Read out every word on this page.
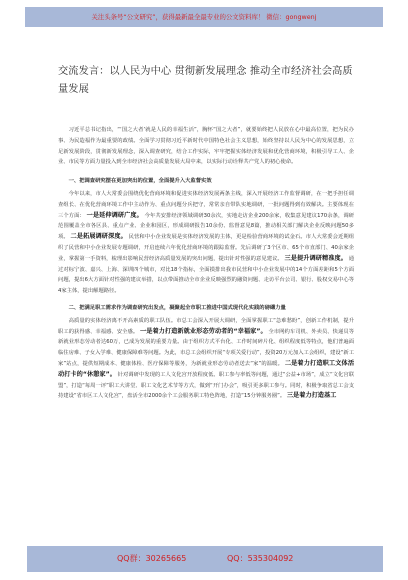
关注头条号“公文研究”，获得最新最全最专业的公文资料库！ 微信：gongwenj
交流发言：以人民为中心 贯彻新发展理念 推动全市经济社会高质量发展

习近平总书记指出，“‘国之大者’就是人民的幸福生活”，胸怀“国之大者”，就要始终把人民放在心中最高位置，把为民办事、为民造福作为最重要的政绩。全面学习贯彻习近平新时代中国特色社会主义思想，始终坚持以人民为中心的发展思想，立足新发展阶段，贯彻新发展理念，深入调查研究，结合工作实际，牢牢把握实体经济发展和优化营商环境，积极引导工人、企业、市民等方面力量投入到全市经济社会高质量发展大局中来，以实际行动诠释共产党人的初心使命。

一、把调查研究摆在更加突出的位置，全面提升入大监督实效

今年以来，市人大常委会围绕优化营商环境和促进实体经济发展两条主线，深入开展经济工作监督调研，在一把手担任调查组长、在优化营商环境工作中主动作为、重点问题分兵把守，常常亲自带队实地调研，一批问题得到有效解决。主要体现在三个方面： 一是延伸调研广度。 今年共安排经济领域调研30余次，实地走访企业200余家，收集意见建议170余条，调研范围覆盖全市各区县、重点产业、企业和园区，形成调研报告10余份、监督意见8篇，推动相关部门解决企业反映问题50多项。 二是拓展调研深度。 民营和中小企业发展是实体经济发展的主体，更是检验营商环境的试金石。市人大常委会近期组织了民营和中小企业发展专题调研，开启连续六年优化营商环境的跟踪监督。先后调研了3个区市、65个市直部门、40余家企业，掌握第一手资料，梳理出影响民营经济高质量发展的突出问题，提出针对性强的意见建议。 三是提升调研精准度。 通过对标宁波、嘉兴、上海、深圳四个城市，对比18个指标，全面摸排出我市民营和中小企业发展中的14个方面差距和5个方面问题，提出6大方面针对性强的建议举措，以点带面推动全市企业反映强烈的融资问题、走访平台公司、银行、股权交易中心等4家主体，提出解题路径。

二、把满足职工需求作为调查研究出发点，凝聚起全市职工推进中国式现代化实践的磅礴力量

高质量的实体经济离不开高素质的职工队伍。市总工会深入开展大调研，全面掌握职工“急难愁盼”，创新工作机制，提升职工的获得感、幸福感、安全感。 一是着力打造新就业形态劳动者的“幸福家”。 全市网约车司机、外卖员、快递员等新就业形态劳动者达60万，已成为发展的重要力量。由于组织方式平台化、工作时间碎片化、组织程度低等特点，他们普遍面临住房难、子女入学难、健康保障难等问题。为此，市总工会组织开展“专项关爱行动”，投资20万元加入工会组织，建设“新工家”站点，提供短期成本、健康体检、医疗保障等服务，为新就业形态劳动者送去“家”的温暖。 二是着力打造职工文体活动打卡的“休憩家”。 针对调研中发现的工人文化宫开放程度低、职工参与率低等问题，通过“公益+市场”，成立“文化宫联盟”，打造“每周一评”职工大讲堂、职工文化艺术节等方式，做到“开门办会”，吸引更多职工参与。同时，积极争取省总工会支持建设“省市区工人文化宫”，盘活全市2000余个工会服务职工特色阵地，打造“15分钟服务圈”。 三是着力打造基工

QQ群：30265665	QQ：535304092
